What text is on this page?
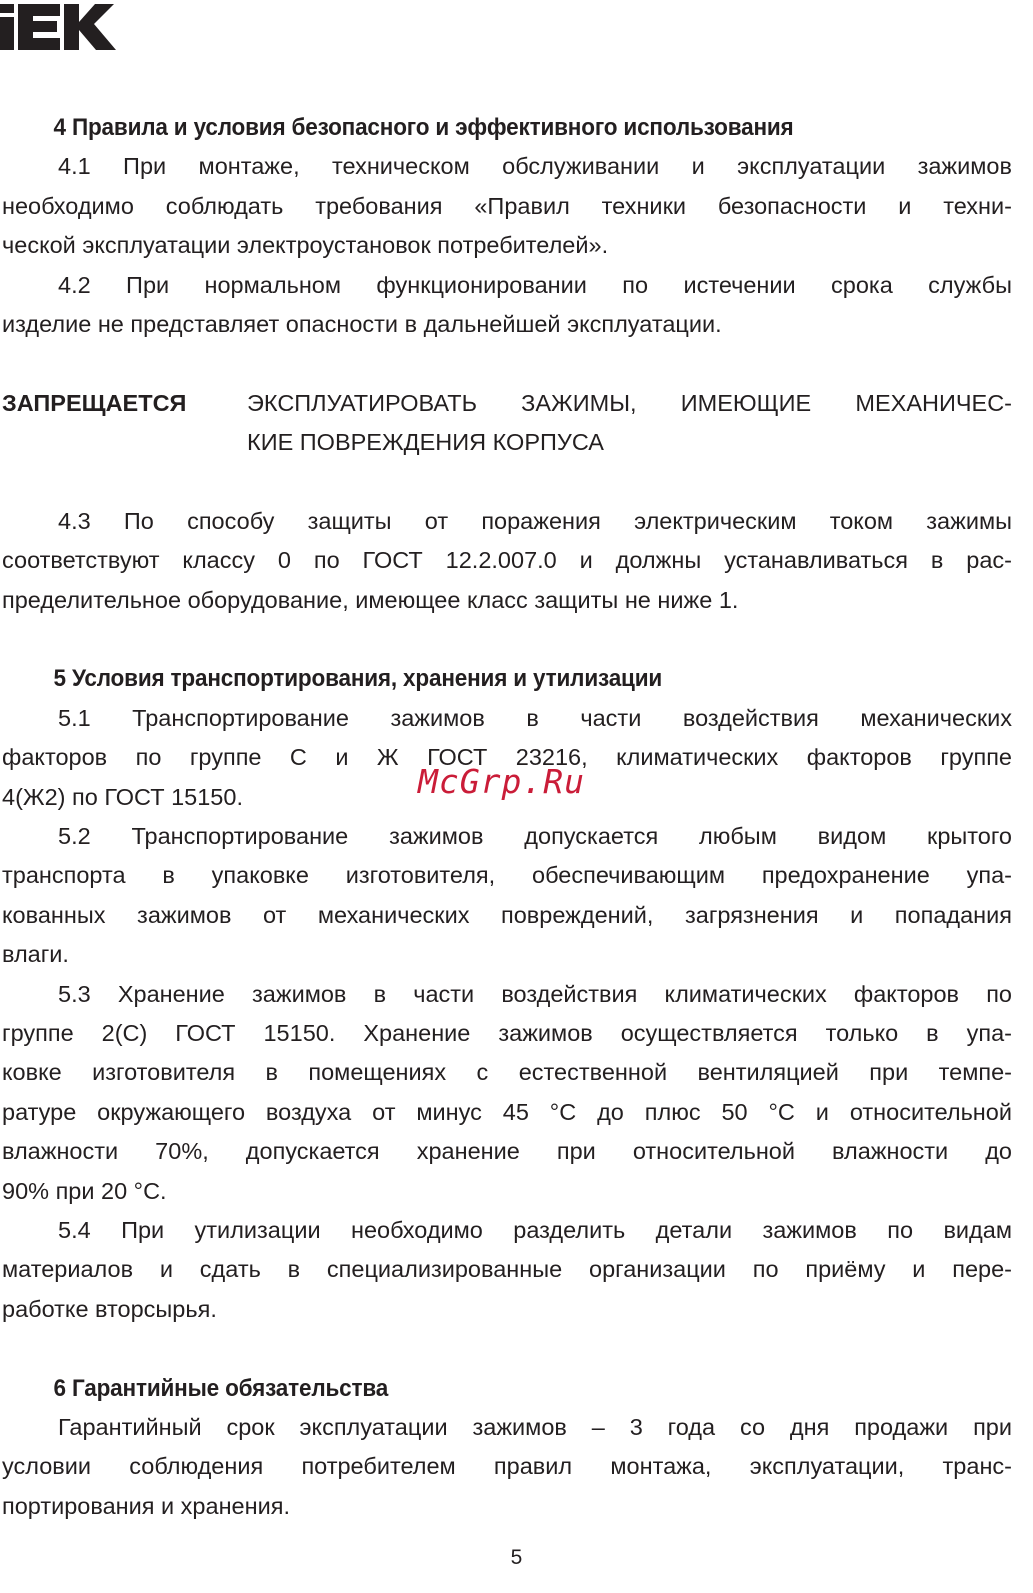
4 Правила и условия безопасного и эффективного использования
4.1 При монтаже, техническом обслуживании и эксплуатации зажимов
необходимо соблюдать требования «Правил техники безопасности и техни-
ческой эксплуатации электроустановок потребителей».
4.2 При нормальном функционировании по истечении срока службы
изделие не представляет опасности в дальнейшей эксплуатации.
ЗАПРЕЩАЕТСЯ	ЭКСПЛУАТИРОВАТЬ ЗАЖИМЫ, ИМЕЮЩИЕ МЕХАНИЧЕС-
КИЕ ПОВРЕЖДЕНИЯ КОРПУСА
4.3 По способу защиты от поражения электрическим током зажимы
соответствуют классу 0 по ГОСТ 12.2.007.0 и должны устанавливаться в рас-
пределительное оборудование, имеющее класс защиты не ниже 1.
5 Условия транспортирования, хранения и утилизации
5.1 Транспортирование зажимов в части воздействия механических
факторов по группе С и Ж ГОСТ 23216, климатических факторов группе
4(Ж2) по ГОСТ 15150.
5.2 Транспортирование зажимов допускается любым видом крытого
транспорта в упаковке изготовителя, обеспечивающим предохранение упа-
кованных зажимов от механических повреждений, загрязнения и попадания
влаги.
5.3 Хранение зажимов в части воздействия климатических факторов по
группе 2(С) ГОСТ 15150. Хранение зажимов осуществляется только в упа-
ковке изготовителя в помещениях с естественной вентиляцией при темпе-
ратуре окружающего воздуха от минус 45 °С до плюс 50 °С и относительной
влажности 70%, допускается хранение при относительной влажности до
90% при 20 °С.
5.4 При утилизации необходимо разделить детали зажимов по видам
материалов и сдать в специализированные организации по приёму и пере-
работке вторсырья.
6 Гарантийные обязательства
Гарантийный срок эксплуатации зажимов – 3 года со дня продажи при
условии соблюдения потребителем правил монтажа, эксплуатации, транс-
портирования и хранения.
McGrp.Ru
5
